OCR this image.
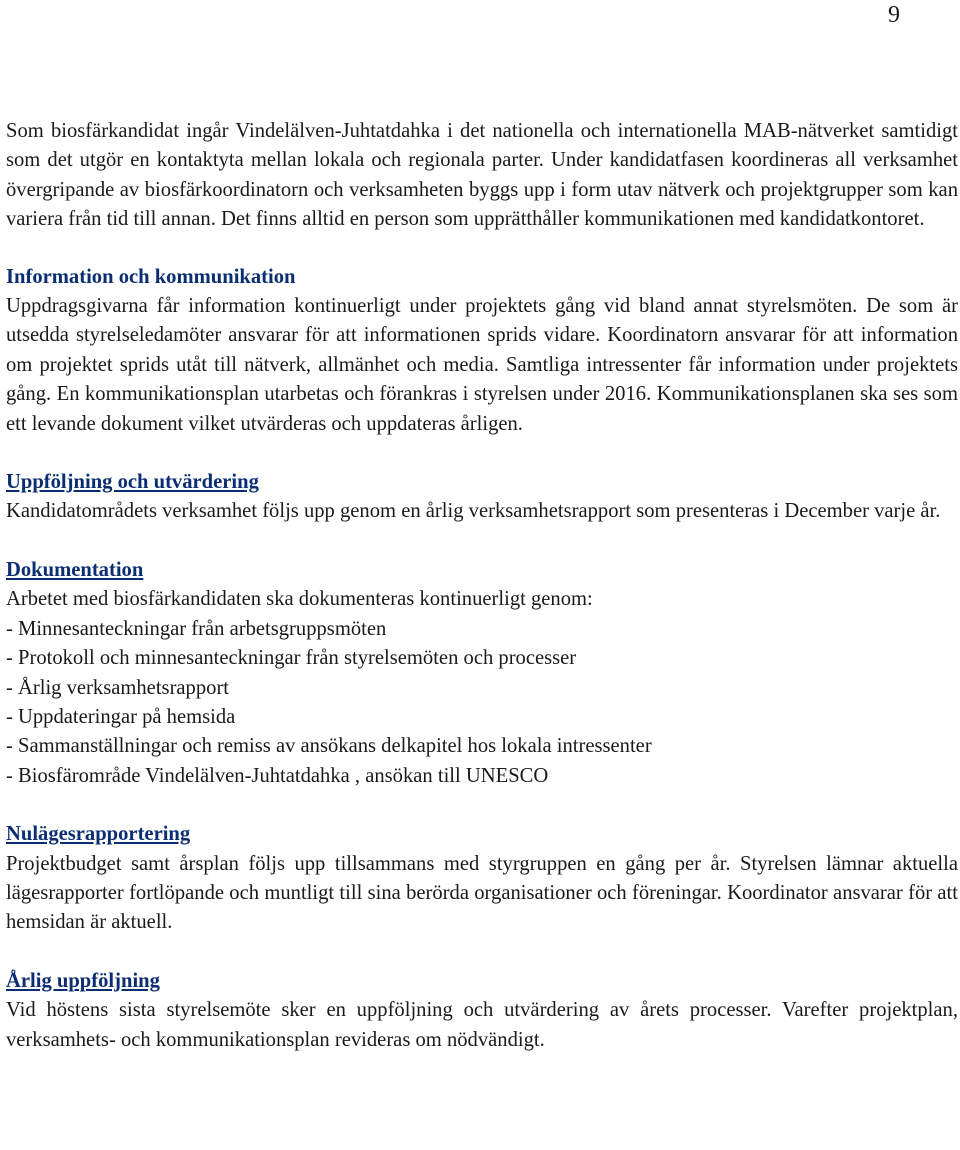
9

Som biosfärkandidat ingår Vindelälven-Juhtatdahka i det nationella och internationella MAB-nätverket samtidigt som det utgör en kontaktyta mellan lokala och regionala parter. Under kandidatfasen koordineras all verksamhet övergripande av biosfärkoordinatorn och verksamheten byggs upp i form utav nätverk och projektgrupper som kan variera från tid till annan. Det finns alltid en person som upprätthåller kommunikationen med kandidatkontoret.

Information och kommunikation

Uppdragsgivarna får information kontinuerligt under projektets gång vid bland annat styrelsmöten. De som är utsedda styrelseledamöter ansvarar för att informationen sprids vidare. Koordinatorn ansvarar för att information om projektet sprids utåt till nätverk, allmänhet och media. Samtliga intressenter får information under projektets gång. En kommunikationsplan utarbetas och förankras i styrelsen under 2016. Kommunikationsplanen ska ses som ett levande dokument vilket utvärderas och uppdateras årligen.

Uppföljning och utvärdering

Kandidatområdets verksamhet följs upp genom en årlig verksamhetsrapport som presenteras i December varje år.

Dokumentation

Arbetet med biosfärkandidaten ska dokumenteras kontinuerligt genom:

- Minnesanteckningar från arbetsgruppsmöten
- Protokoll och minnesanteckningar från styrelsemöten och processer
- Årlig verksamhetsrapport
- Uppdateringar på hemsida
- Sammanställningar och remiss av ansökans delkapitel hos lokala intressenter
- Biosfärområde Vindelälven-Juhtatdahka , ansökan till UNESCO
Nulägesrapportering

Projektbudget samt årsplan följs upp tillsammans med styrgruppen en gång per år. Styrelsen lämnar aktuella lägesrapporter fortlöpande och muntligt till sina berörda organisationer och föreningar. Koordinator ansvarar för att hemsidan är aktuell.

Årlig uppföljning

Vid höstens sista styrelsemöte sker en uppföljning och utvärdering av årets processer. Varefter projektplan, verksamhets- och kommunikationsplan revideras om nödvändigt.
